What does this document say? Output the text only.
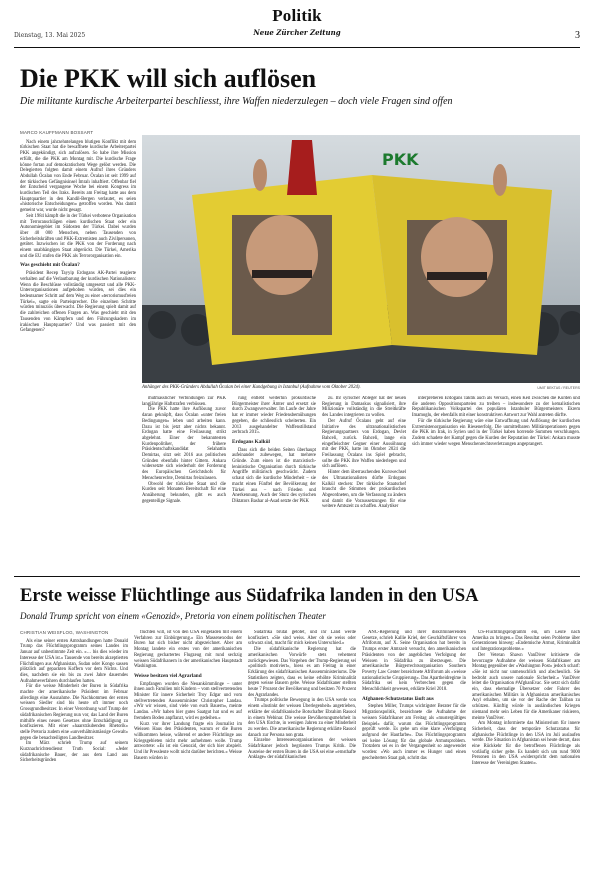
Dienstag, 13. Mai 2025
Politik
Neue Zürcher Zeitung	3
Die PKK will sich auflösen
Die militante kurdische Arbeiterpartei beschliesst, ihre Waffen niederzulegen – doch viele Fragen sind offen
MARCO KAUFFMANN BOSSART

Nach einem jahrzehntelangen blutigen Konflikt mit dem türkischen Staat hat die bewaffnete kurdische Arbeiterpartei PKK angekündigt, sich aufzulösen. So habe ihre Mission erfüllt, die die PKK am Montag mit. Die kurdische Frage könne fortan auf demokratischem Wege gelöst werden. Die Delegierten folgten damit einem Aufruf ihres Gründers Abdullah Öcalan von Ende Februar. Öcalan ist seit 1999 auf der türkischen Gefängnisinsel İmralı inhaftiert. Offenbar fiel der Entscheid vergangene Woche bei einem Kongress im kurdischen Teil des Iraks. Bereits am Freitag hatte aus dem Hauptquartier in den Kandil-Bergen verlautet, es seien «historische Entscheidungen» getroffen worden. Was damit gemeint war, wurde nicht gesagt.

Seit 1984 kämpft die in der Türkei verbotene Organisation mit Terroranschlägen einen kurdischen Staat oder ein Autonomiegebiet im Südosten der Türkei. Dabei wurden über 40 000 Menschen, neben Tausenden von Sicherheitskräften und PKK-Extremisten auch Zivilpersonen, getötet. Inzwischen ist die PKK von der Forderung nach einem unabhängigen Staat abgerückt. Die Türkei, Amerika und die EU stufen die PKK als Terrororganisation ein.

Was geschieht mit Öcalan?

Präsident Recep Tayyip Erdogans AK-Partei reagierte verhalten auf die Verlautbarung der kurdischen Nationalisten: Wenn die Beschlüsse vollständig umgesetzt und alle PKK-Unterorganisationen aufgehoben würden, sei dies ein bedeutsamer Schritt auf dem Weg zu einer «terrorismusfreien Türkei», sagte ein Parteisprecher. Die einzelnen Schritte würden minuziös überwacht. Die Regierung spielt damit auf die zahlreichen offenen Fragen an. Was geschieht mit den Tausenden von Kämpfern und den Führungskadern im irakischen Hauptquartier? Und was passiert mit den Gefangenen?

PKK
Anhänger des PKK-Gründers Abdullah Öcalan bei einer Kundgebung in Istanbul (Aufnahme vom Oktober 2024).	UMIT BEKTAS / REUTERS

mutmasslicher Verbindungen zur PKK langjährige Haftstrafen verbüssen.

Die PKK hatte ihre Auflösung zuvor daran geknüpft, dass Öcalan «unter freien Bedingungen» leben und arbeiten kann. Dazu ist bis jetzt aber nichts bekannt. Erdogan hatte eine Freilassung strikt abgelehnt. Einer der bekanntesten Kurdenpolitiker, der frühere Präsidentschaftskandidat Selahattin Demirtas, sitzt seit 2016 aus politischen Gründen ebenfalls hinter Gittern. Ankara widersetzte sich wiederholt der Forderung des Europäischen Gerichtshofs für Menschenrechte, Demirtas freizulassen.

Obwohl der türkische Staat und die Kurden seit Monaten Bereitschaft für eine Annäherung bekunden, gibt es auch gegenteilige Signale.

rung entlebt weiterhin prokurdische Bürgermeister ihrer Ämter und ersetzt sie durch Zwangsverwalter. Im Laufe der Jahre hat er immer wieder Friedensbemühungen gegeben, die schliesslich scheiterten. Ein 2013 ausgehandelter Waffenstillstand zerbrach 2015.

Erdogans Kalkül

Dass sich die beiden Seiten überhaupt aufeinander zubewegen, hat mehrere Gründe. Zum einen ist die marxistisch-leninistische Organisation durch türkische Angriffe militärisch geschwächt. Zudem schaut sich die kurdische Minderheit – sie macht einen Fünftel der Bevölkerung der Türkei aus – nach Frieden und Anerkennung. Auch der Sturz des syrischen Diktators Bashar al-Asad setzte der PKK

zu. Ihr syrischer Ableger hat der neuen Regierung in Damaskus signalisiert, ihre Milizionäre vollständig in die Streitkräfte des Landes integrieren zu wollen.

Der Aufruf Öcalans geht auf eine Initiative des ultranationalistischen Regierungspartners von Erdogan, Devlet Bahceli, zurück. Bahceli, lange ein eingefleischter Gegner einer Aussöhnung mit der PKK, hatte im Oktober 2024 die Freilassung Öcalans ins Spiel gebracht, sollte die PKK ihre Waffen niederlegen und sich auflösen.

Hinter dem überraschenden Kurswechsel des Ultranationalisten dürfte Erdogans Kalkül stecken: Der türkische Staatschef braucht die Stimmen der prokurdischen Abgeordneten, um die Verfassung zu ändern und damit die Voraussetzungen für eine weitere Amtszeit zu schaffen. Analytiker

interpretieren Erdogans Taktik auch als Versuch, einen Keil zwischen die Kurden und die anderen Oppositionsparteien zu treiben – insbesondere zu der kemalistischen Republikanischen Volkspartei des populären Istanbuler Bürgermeisters Ekrem Imamoglu, der ebenfalls mit einer konstruktiven Antwort zur Wahl antreten dürfte.

Für die türkische Regierung wäre eine Entwaffnung und Auflösung der kurdischen Extremistenorganisation ein Riesenerfolg. Die unmittelbaren Militäroperationen gegen die PKK im Irak, in Syrien und in der Türkei haben horrende Summen verschlungen. Zudem schadete der Kampf gegen die Kurden der Reputation der Türkei: Ankara musste sich immer wieder wegen Menschenrechtsverletzungen angeprangert.

Erste weisse Flüchtlinge aus Südafrika landen in den USA
Donald Trump spricht von einem «Genozid», Pretoria von einem politischen Theater
CHRISTIAN WEISFLOG, WASHINGTON

Als eine seiner ersten Amtshandlungen hatte Donald Trump das Flüchtlingsprogramm seines Landes im Januar auf unbestimmte Zeit ein. «… bis dies wieder im Interesse der USA ist.» Tausende von bereits akzeptierten Flüchtlingen aus Afghanistan, Sudan oder Kongo sassen plötzlich auf gepackten Koffern vor dem Nichts. Und dies, nachdem sie ein bis zu zwei Jahre dauerndes Aufnahmeverfahren durchlaufen hatten.

Für die weisse Minderheit der Buren in Südafrika machte der amerikanische Präsident im Februar allerdings eine Ausnahme. Die Nachkommen der ersten weissen Siedler sind bis heute oft immer noch Grossgrundbesitzer. In einer Verordnung warf Trump der südafrikanischen Regierung nun vor, das Land der Buren mithilfe eines neuen Gesetzes ohne Entschädigung zu konfiszieren. Mit einer «haarsträubenden Rhetorik» stelle Pretoria zudem eine «unverhältnismässige Gewalt» gegen die benachteiligten Landbesitzer.

Im März schrieb Trump auf seinem Kurznachrichtendienst Truth Social: «Jeder südafrikanische Bauer, der aus dem Land aus Sicherheitsgründen

flüchten will, ist von den USA eingeladen mit einem Verfahren zur Einbürgerung.» Ein Massenexodus der Buren hat sich bisher nicht abgezeichnet. Aber am Montag landete ein erstes von der amerikanischen Regierung gechartertes Flugzeug mit rund sechzig weissen Südafrikanern in der amerikanischen Hauptstadt Washington.

Weisse besitzen viel Agrarland

Empfangen wurden die Neuankömmlinge – unter ihnen auch Familien mit Kindern – vom stellvertretenden Minister für innere Sicherheit Troy Edgar und vom stellvertretenden Aussenminister Christopher Landau. «Wir wir wissen, sind viele von euch Bauern», meinte Landau. «Wir haben hier gutes Saatgut hat und es auf fremdem Boden anpflanzt, wird es gedeihen.»

Kurz vor ihrer Landung fragte ein Journalist im Weissen Haus den Präsidenten, warum er die Buren willkommen heisse, während er andere Flüchtlinge aus Kriegsgebieten nicht mehr aufnehmen wolle. Trump antwortete: «Es ist ein Genozid, der sich hier abspielt. Und ihr Pressleute wollt nicht darüber berichten.» Weisse Bauern würden in

Südafrika brutal getötet, und ihr Land werde konfisziert. «Sie sind weiss. Aber ob sie weiss oder schwarz sind, macht für mich keinen Unterschied.»

Die südafrikanische Regierung hat die amerikanischen Vorwürfe stets vehement zurückgewiesen. Das Vorgehen der Trump-Regierung sei «politisch motiviert», hiess es am Freitag in einer Erklärung des südafrikanischen Aussenministeriums. Die Statistiken zeigten, dass es keine erhöhte Kriminalität gegen weisse Bauern gebe. Weisse Südafrikaner stellten heute 7 Prozent der Bevölkerung und besitzen 70 Prozent des Agrarlandes.

Trumps politische Bewegung in den USA werde von einem «Instinkt der weissen Überlegenheit» angetrieben, erklärte der südafrikanische Botschafter Ebrahim Rasool in einem Webinar. Die weisse Bevölkerungsmehrheit in den USA fürchte, in wenigen Jahren zu einer Minderheit zu werden. Die amerikanische Regierung erklärte Rasool danach zur Persona non grata.

Einzelne Interessenorganisationen der weissen Südafrikaner jedoch begrüssten Trumps Kritik. Die Ausreise der ersten Buren in die USA sei eine «ernsthafte Anklage» der südafrikanischen

ANC-Regierung und ihrer diskriminierenden Gesetze, schrieb Kallie Kriel, der Geschäftsführer von Afriforum, auf X. Seine Organisation hat bereits in Trumps erster Amtszeit versucht, den amerikanischen Präsidenten von der angeblichen Verfolgung der Weissen in Südafrika zu überzeugen. Die amerikanische Bürgerrechtsorganisation Southern Poverty Law Center bezeichnete Afriforum als «weisse nationalistische Gruppierung». Das Apartheidregime in Südafrika sei kein Verbrechen gegen die Menschlichkeit gewesen, erklärte Kriel 2018.

Afghanen-Schutzstatus läuft aus

Stephen Miller, Trumps wichtigster Berater für die Migrationspolitik, bezeichnete die Aufnahme der weissen Südafrikaner am Freitag als «mustergültiges Beispiel» dafür, warum das Flüchtlingsprogramm geprüft werde. Es gehe um eine klare «Verfolgung aufgrund der Hautfarbe». Das Flüchtlingsprogramm sei keine Lösung für das globale Armutsproblem. Trotzdem sei es in der Vergangenheit so angewendet worden: «Wo auch immer es Hunger und einen gescheiterten Staat gab, schritt das

US-Flüchtlingsprogramm ein, um Leute nach Amerika zu bringen.» Das Resultat seien Probleme über Generationen hinweg: «Endemische Armut, Kriminalität und Integrationsprobleme.»

Der Veteran Shawn VanDiver kritisierte die bevorzugte Aufnahme der weissen Südafrikaner am Montag gegenüber der «Washington Post» jedoch scharf: «Sie ist nicht nur unmenschlich und abscheulich. Sie bedroht auch unsere nationale Sicherheit.» VanDiver leitet die Organisation #AfghanEvac. Sie setzt sich dafür ein, dass ehemalige Übersetzer oder Fahrer des amerikanischen Militärs in Afghanistan amerikanisches Asyl erhalten, um sie vor der Rache der Taliban zu schützen. Künftig würde in ausländischen Kriegen niemand mehr sein Leben für die Amerikaner riskieren, meinte VanDiver.

Am Montag informierte das Ministerium für innere Sicherheit, dass der temporäre Schutzstatus für afghanische Flüchtlinge in den USA im Juli auslaufen werde. Die Situation in Afghanistan sei heute derart, dass eine Rückkehr für die betroffenen Flüchtlinge als vorläufig sicher gelte. Es handelt sich um rund 9000 Personen in den USA «widerspricht dem nationalen Interesse der Vereinigten Staaten».
